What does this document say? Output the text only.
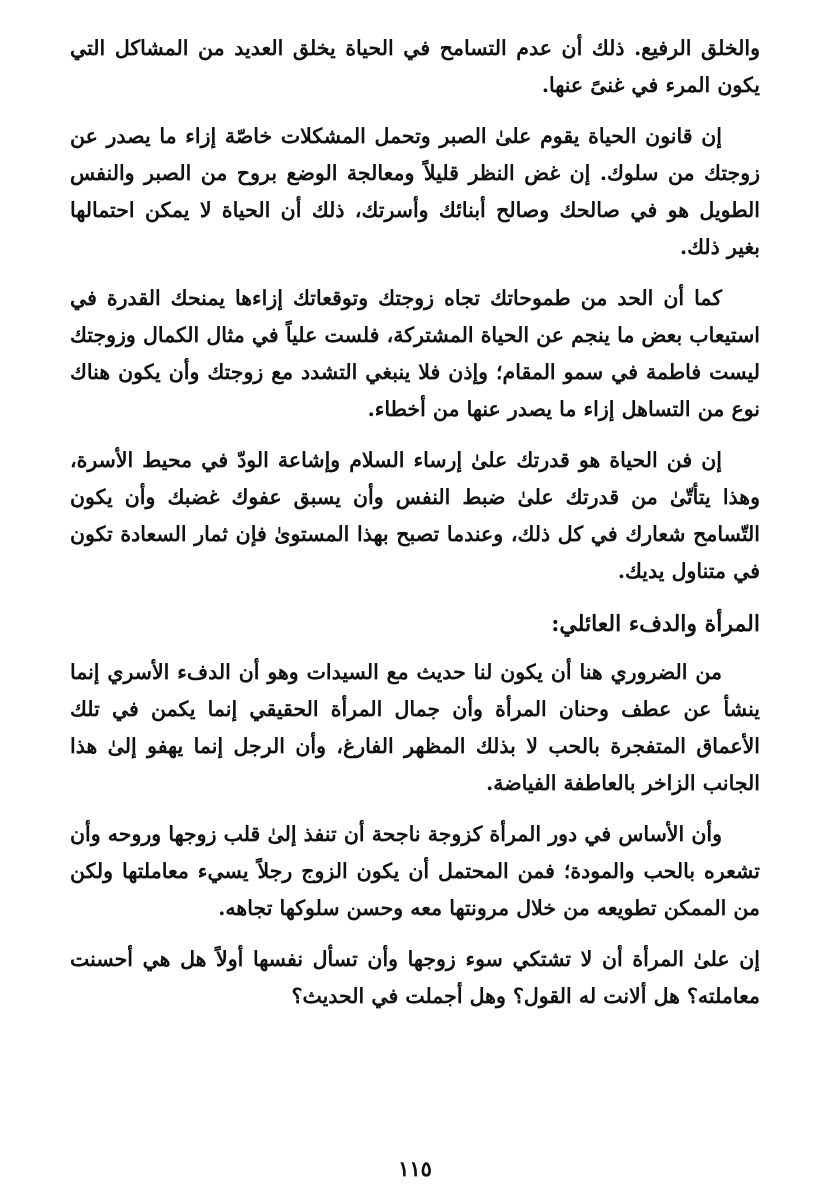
والخلق الرفيع. ذلك أن عدم التسامح في الحياة يخلق العديد من المشاكل التي يكون المرء في غنىً عنها.

إن قانون الحياة يقوم علىٰ الصبر وتحمل المشكلات خاصّة إزاء ما يصدر عن زوجتك من سلوك. إن غض النظر قليلاً ومعالجة الوضع بروح من الصبر والنفس الطويل هو في صالحك وصالح أبنائك وأسرتك، ذلك أن الحياة لا يمكن احتمالها بغير ذلك.

كما أن الحد من طموحاتك تجاه زوجتك وتوقعاتك إزاءها يمنحك القدرة في استيعاب بعض ما ينجم عن الحياة المشتركة، فلست علياً في مثال الكمال وزوجتك ليست فاطمة في سمو المقام؛ وإذن فلا ينبغي التشدد مع زوجتك وأن يكون هناك نوع من التساهل إزاء ما يصدر عنها من أخطاء.

إن فن الحياة هو قدرتك علىٰ إرساء السلام وإشاعة الودّ في محيط الأسرة، وهذا يتأتّىٰ من قدرتك علىٰ ضبط النفس وأن يسبق عفوك غضبك وأن يكون التّسامح شعارك في كل ذلك، وعندما تصبح بهذا المستوىٰ فإن ثمار السعادة تكون في متناول يديك.

المرأة والدفء العائلي:

من الضروري هنا أن يكون لنا حديث مع السيدات وهو أن الدفء الأسري إنما ينشأ عن عطف وحنان المرأة وأن جمال المرأة الحقيقي إنما يكمن في تلك الأعماق المتفجرة بالحب لا بذلك المظهر الفارغ، وأن الرجل إنما يهفو إلىٰ هذا الجانب الزاخر بالعاطفة الفياضة.

وأن الأساس في دور المرأة كزوجة ناجحة أن تنفذ إلىٰ قلب زوجها وروحه وأن تشعره بالحب والمودة؛ فمن المحتمل أن يكون الزوج رجلاً يسيء معاملتها ولكن من الممكن تطويعه من خلال مرونتها معه وحسن سلوكها تجاهه.

إن علىٰ المرأة أن لا تشتكي سوء زوجها وأن تسأل نفسها أولاً هل هي أحسنت معاملته؟ هل ألانت له القول؟ وهل أجملت في الحديث؟

١١٥
